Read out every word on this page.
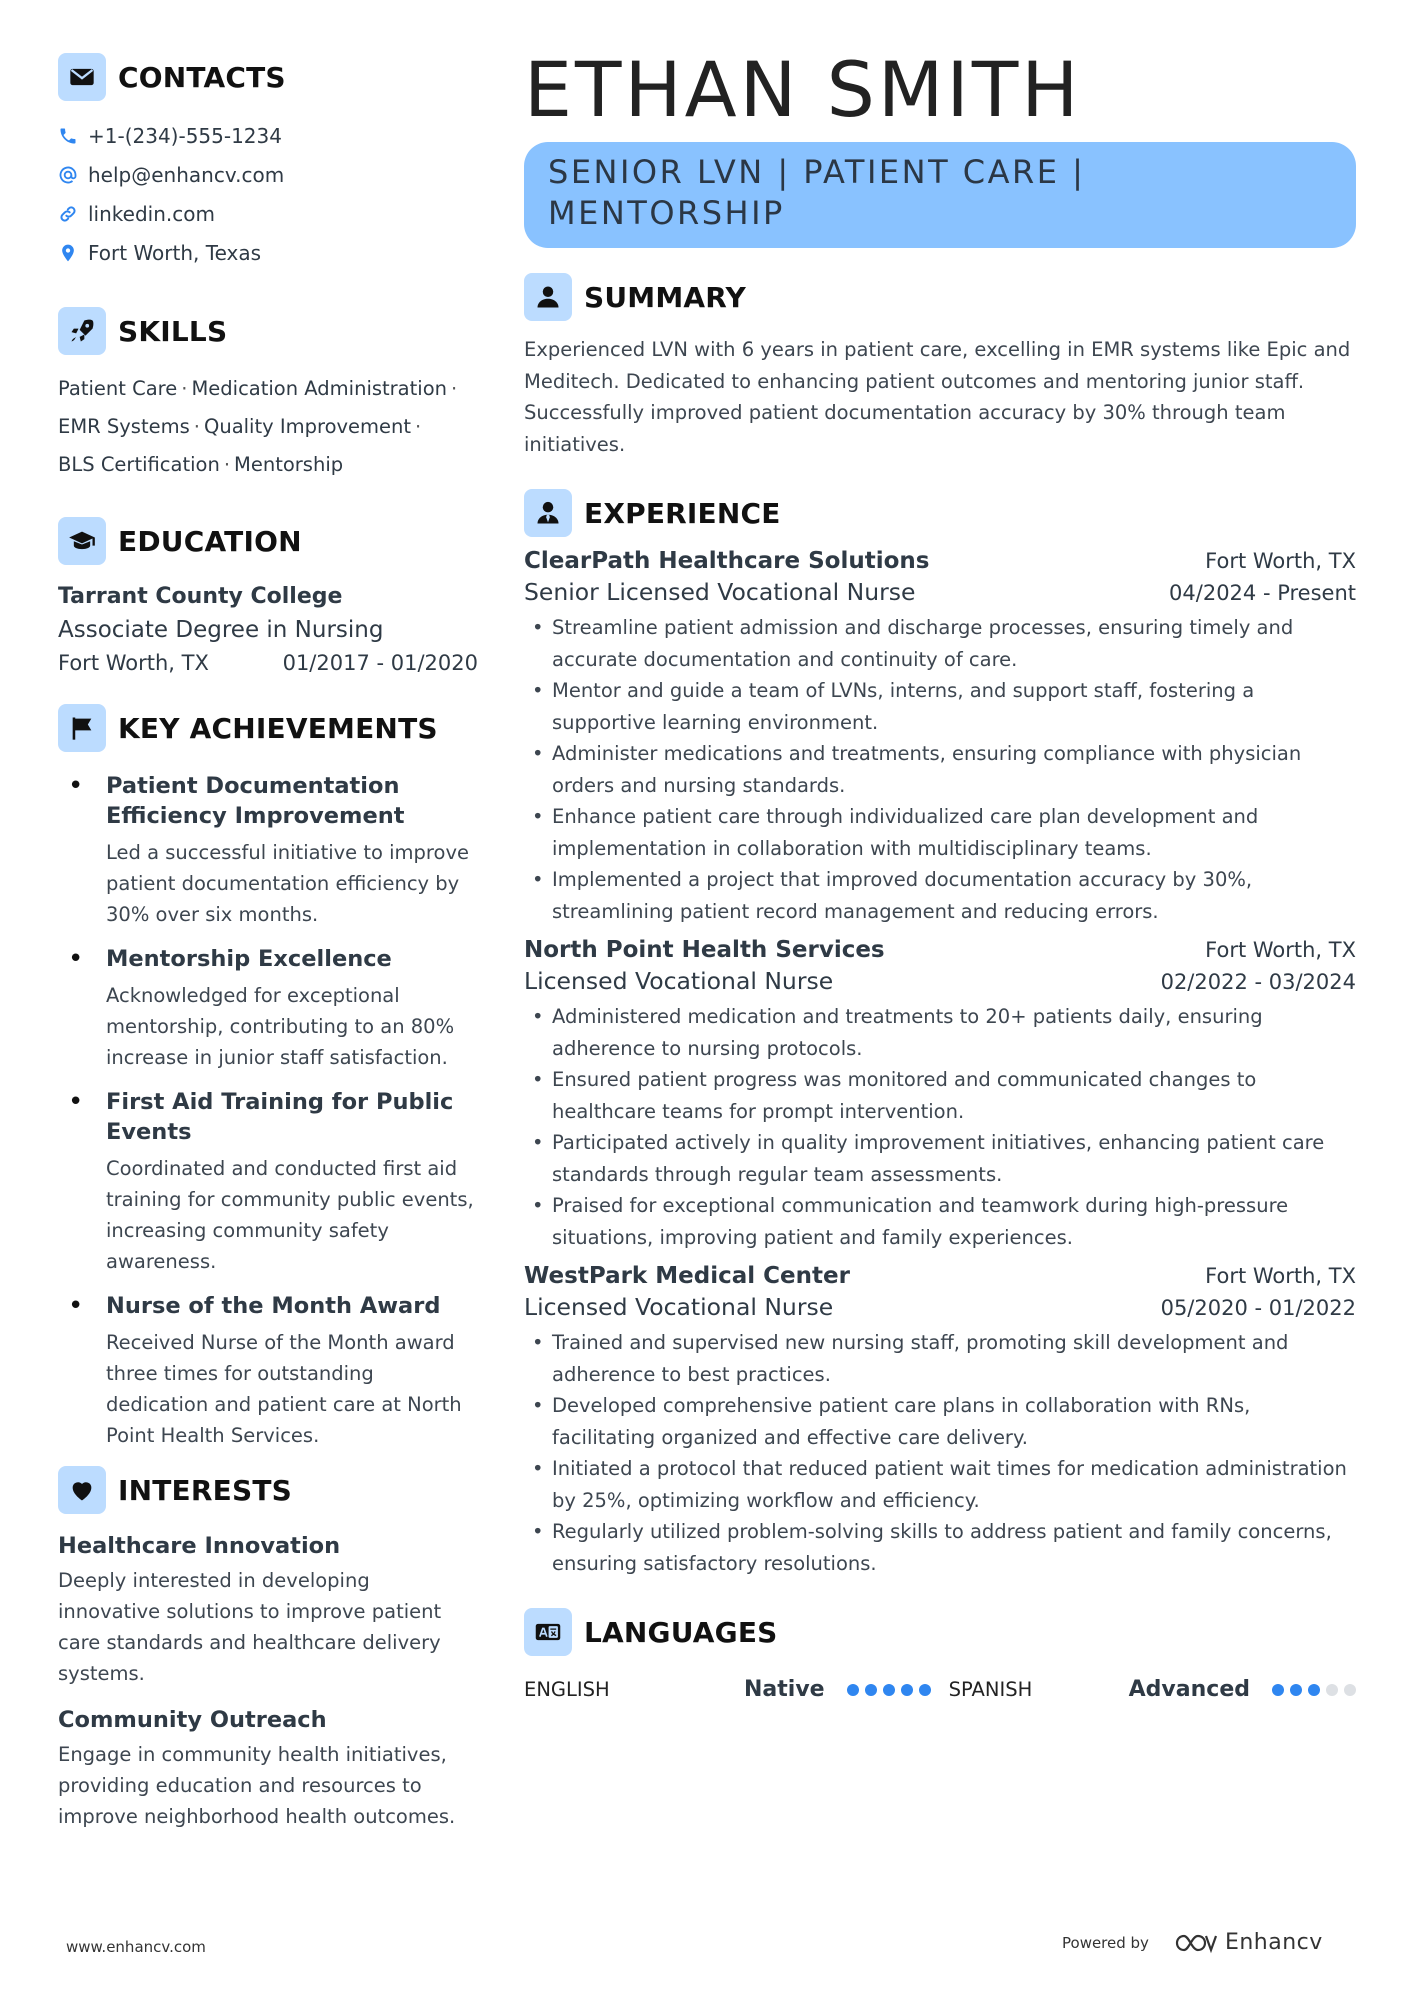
CONTACTS
+1-(234)-555-1234
help@enhancv.com
linkedin.com
Fort Worth, Texas
SKILLS
Patient Care · Medication Administration ·
EMR Systems · Quality Improvement ·
BLS Certification · Mentorship
EDUCATION
Tarrant County College
Associate Degree in Nursing
Fort Worth, TX	01/2017 - 01/2020
KEY ACHIEVEMENTS
•	Patient Documentation Efficiency Improvement
Led a successful initiative to improve patient documentation efficiency by 30% over six months.
•	Mentorship Excellence
Acknowledged for exceptional mentorship, contributing to an 80% increase in junior staff satisfaction.
•	First Aid Training for Public Events
Coordinated and conducted first aid training for community public events, increasing community safety awareness.
•	Nurse of the Month Award
Received Nurse of the Month award three times for outstanding dedication and patient care at North Point Health Services.
INTERESTS
Healthcare Innovation
Deeply interested in developing innovative solutions to improve patient care standards and healthcare delivery systems.
Community Outreach
Engage in community health initiatives, providing education and resources to improve neighborhood health outcomes.
ETHAN SMITH
SENIOR LVN | PATIENT CARE | MENTORSHIP
SUMMARY
Experienced LVN with 6 years in patient care, excelling in EMR systems like Epic and Meditech. Dedicated to enhancing patient outcomes and mentoring junior staff. Successfully improved patient documentation accuracy by 30% through team initiatives.
EXPERIENCE
ClearPath Healthcare Solutions	Fort Worth, TX
Senior Licensed Vocational Nurse	04/2024 - Present
• Streamline patient admission and discharge processes, ensuring timely and accurate documentation and continuity of care.
• Mentor and guide a team of LVNs, interns, and support staff, fostering a supportive learning environment.
• Administer medications and treatments, ensuring compliance with physician orders and nursing standards.
• Enhance patient care through individualized care plan development and implementation in collaboration with multidisciplinary teams.
• Implemented a project that improved documentation accuracy by 30%, streamlining patient record management and reducing errors.
North Point Health Services	Fort Worth, TX
Licensed Vocational Nurse	02/2022 - 03/2024
• Administered medication and treatments to 20+ patients daily, ensuring adherence to nursing protocols.
• Ensured patient progress was monitored and communicated changes to healthcare teams for prompt intervention.
• Participated actively in quality improvement initiatives, enhancing patient care standards through regular team assessments.
• Praised for exceptional communication and teamwork during high-pressure situations, improving patient and family experiences.
WestPark Medical Center	Fort Worth, TX
Licensed Vocational Nurse	05/2020 - 01/2022
• Trained and supervised new nursing staff, promoting skill development and adherence to best practices.
• Developed comprehensive patient care plans in collaboration with RNs, facilitating organized and effective care delivery.
• Initiated a protocol that reduced patient wait times for medication administration by 25%, optimizing workflow and efficiency.
• Regularly utilized problem-solving skills to address patient and family concerns, ensuring satisfactory resolutions.
LANGUAGES
ENGLISH	Native	SPANISH	Advanced
www.enhancv.com	Powered by	Enhancv
